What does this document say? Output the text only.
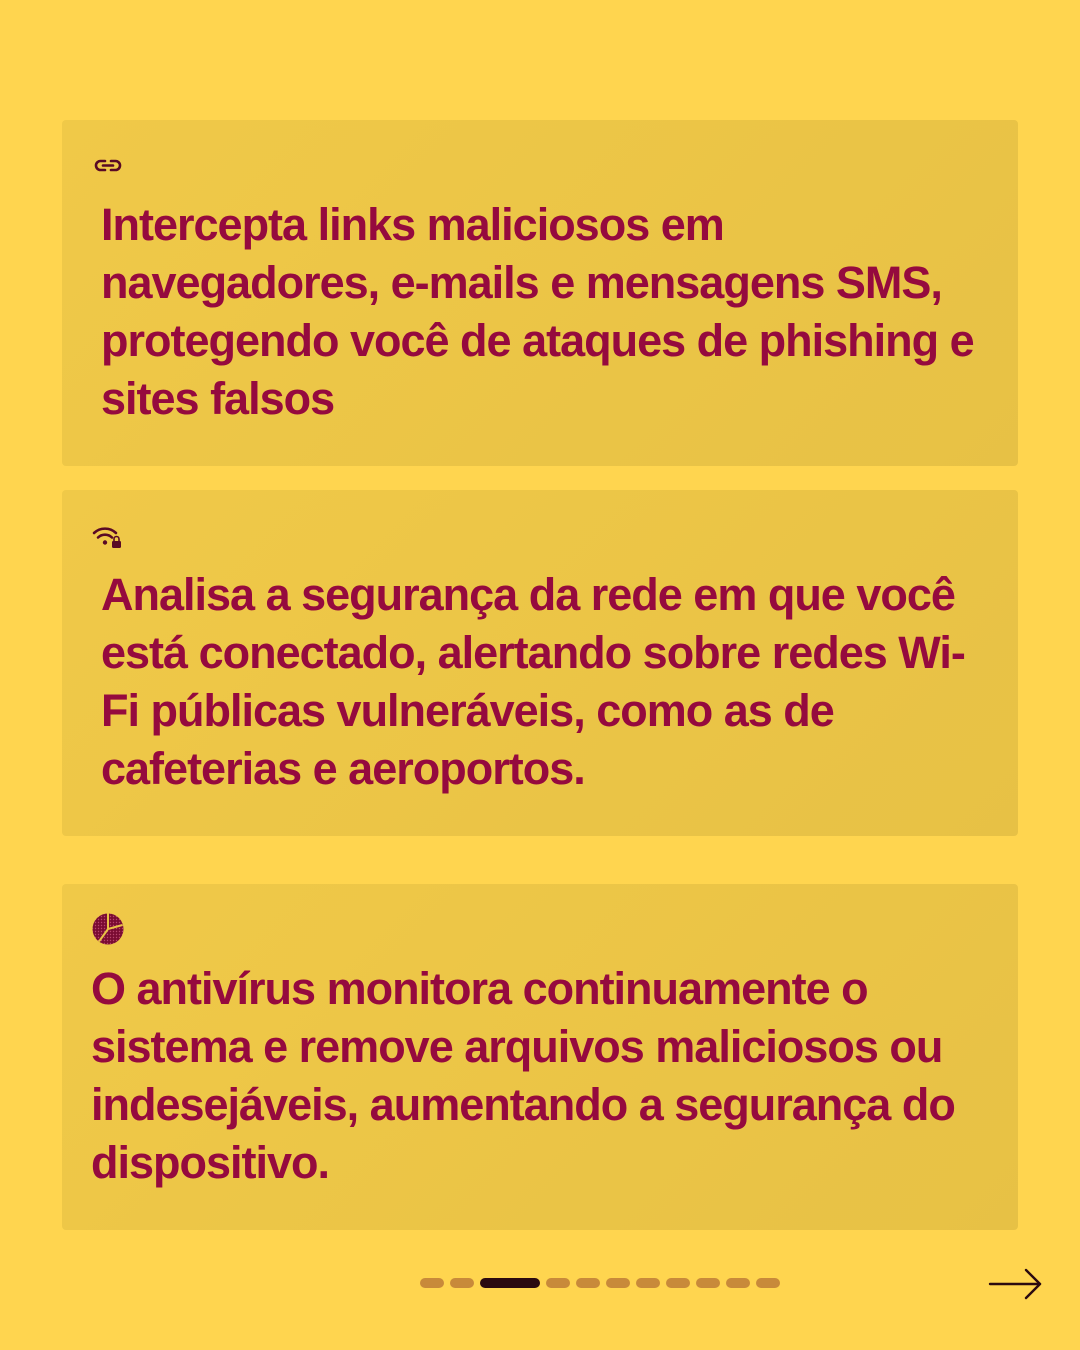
Intercepta links maliciosos em navegadores, e-mails e mensagens SMS, protegendo você de ataques de phishing e sites falsos

Analisa a segurança da rede em que você está conectado, alertando sobre redes Wi-Fi públicas vulneráveis, como as de cafeterias e aeroportos.

O antivírus monitora continuamente o sistema e remove arquivos maliciosos ou indesejáveis, aumentando a segurança do dispositivo.
